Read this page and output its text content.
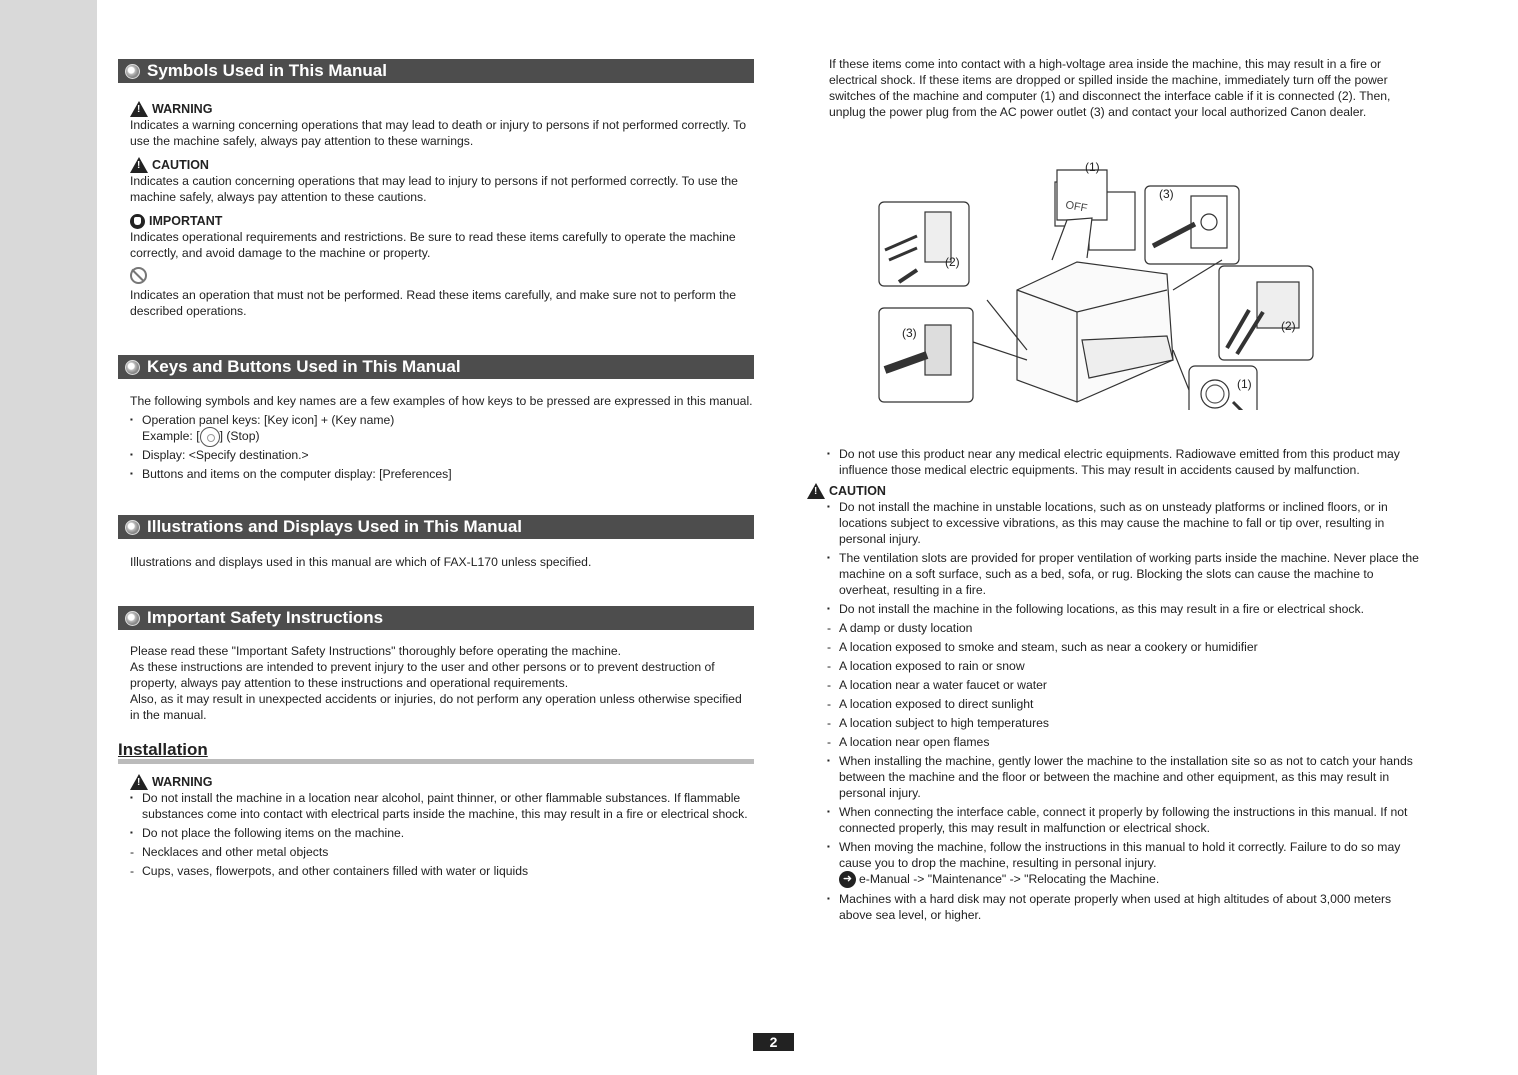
Symbols Used in This Manual
!
WARNING

Indicates a warning concerning operations that may lead to death or injury to persons if not performed correctly. To use the machine safely, always pay attention to these warnings.

!
CAUTION

Indicates a caution concerning operations that may lead to injury to persons if not performed correctly. To use the machine safely, always pay attention to these cautions.

IMPORTANT

Indicates operational requirements and restrictions. Be sure to read these items carefully to operate the machine correctly, and avoid damage to the machine or property.

Indicates an operation that must not be performed. Read these items carefully, and make sure not to perform the described operations.

Keys and Buttons Used in This Manual

The following symbols and key names are a few examples of how keys to be pressed are expressed in this manual.

▪ Operation panel keys: [Key icon] + (Key name)
Example: [ ] (Stop)
▪ Display: <Specify destination.>
▪ Buttons and items on the computer display: [Preferences]
Illustrations and Displays Used in This Manual

Illustrations and displays used in this manual are which of FAX-L170 unless specified.

Important Safety Instructions

Please read these "Important Safety Instructions" thoroughly before operating the machine.

As these instructions are intended to prevent injury to the user and other persons or to prevent destruction of property, always pay attention to these instructions and operational requirements.

Also, as it may result in unexpected accidents or injuries, do not perform any operation unless otherwise specified in the manual.

Installation
!
WARNING
▪ Do not install the machine in a location near alcohol, paint thinner, or other flammable substances. If flammable substances come into contact with electrical parts inside the machine, this may result in a fire or electrical shock.
▪ Do not place the following items on the machine.
- Necklaces and other metal objects
- Cups, vases, flowerpots, and other containers filled with water or liquids

If these items come into contact with a high-voltage area inside the machine, this may result in a fire or electrical shock. If these items are dropped or spilled inside the machine, immediately turn off the power switches of the machine and computer (1) and disconnect the interface cable if it is connected (2). Then, unplug the power plug from the AC power outlet (3) and contact your local authorized Canon dealer.

(1)
(3)
OFF
(2)
(3)	(2)
(1)
▪ Do not use this product near any medical electric equipments. Radiowave emitted from this product may influence those medical electric equipments. This may result in accidents caused by malfunction.
!
CAUTION
▪ Do not install the machine in unstable locations, such as on unsteady platforms or inclined floors, or in locations subject to excessive vibrations, as this may cause the machine to fall or tip over, resulting in personal injury.
▪ The ventilation slots are provided for proper ventilation of working parts inside the machine. Never place the machine on a soft surface, such as a bed, sofa, or rug. Blocking the slots can cause the machine to overheat, resulting in a fire.
▪ Do not install the machine in the following locations, as this may result in a fire or electrical shock.
- A damp or dusty location
- A location exposed to smoke and steam, such as near a cookery or humidifier
- A location exposed to rain or snow
- A location near a water faucet or water
- A location exposed to direct sunlight
- A location subject to high temperatures
- A location near open flames
▪ When installing the machine, gently lower the machine to the installation site so as not to catch your hands between the machine and the floor or between the machine and other equipment, as this may result in personal injury.
▪ When connecting the interface cable, connect it properly by following the instructions in this manual. If not connected properly, this may result in malfunction or electrical shock.
▪ When moving the machine, follow the instructions in this manual to hold it correctly. Failure to do so may cause you to drop the machine, resulting in personal injury.
➜ e-Manual -> "Maintenance" -> "Relocating the Machine.
▪ Machines with a hard disk may not operate properly when used at high altitudes of about 3,000 meters above sea level, or higher.
2
